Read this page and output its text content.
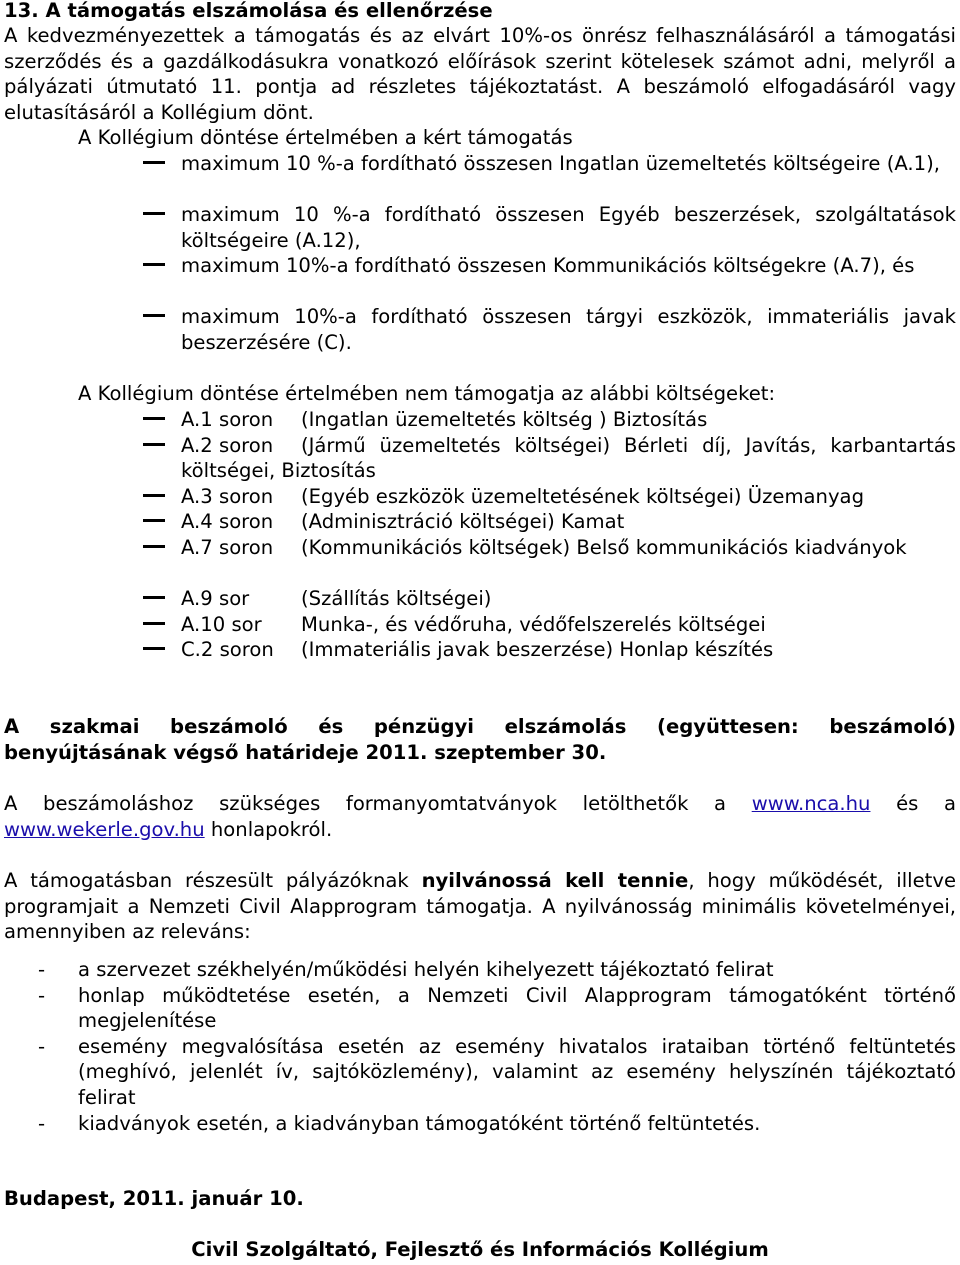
13. A támogatás elszámolása és ellenőrzése

A kedvezményezettek a támogatás és az elvárt 10%-os önrész felhasználásáról a támogatási szerződés és a gazdálkodásukra vonatkozó előírások szerint kötelesek számot adni, melyről a pályázati útmutató 11. pontja ad részletes tájékoztatást. A beszámoló elfogadásáról vagy elutasításáról a Kollégium dönt.

A Kollégium döntése értelmében a kért támogatás

maximum 10 %-a fordítható összesen Ingatlan üzemeltetés költségeire (A.1),
maximum 10 %-a fordítható összesen Egyéb beszerzések, szolgáltatások költségeire (A.12),
maximum 10%-a fordítható összesen Kommunikációs költségekre (A.7), és
maximum 10%-a fordítható összesen tárgyi eszközök, immateriális javak beszerzésére (C).

A Kollégium döntése értelmében nem támogatja az alábbi költségeket:

A.1 soron (Ingatlan üzemeltetés költség ) Biztosítás
A.2 soron (Jármű üzemeltetés költségei) Bérleti díj, Javítás, karbantartás költségei, Biztosítás
A.3 soron (Egyéb eszközök üzemeltetésének költségei) Üzemanyag
A.4 soron (Adminisztráció költségei) Kamat
A.7 soron (Kommunikációs költségek) Belső kommunikációs kiadványok
A.9 sor	(Szállítás költségei)
A.10 sor Munka-, és védőruha, védőfelszerelés költségei
C.2 soron (Immateriális javak beszerzése) Honlap készítés

A szakmai beszámoló és pénzügyi elszámolás (együttesen: beszámoló) benyújtásának végső határideje 2011. szeptember 30.

A beszámoláshoz szükséges formanyomtatványok letölthetők a www.nca.hu és a www.wekerle.gov.hu honlapokról.

A támogatásban részesült pályázóknak nyilvánossá kell tennie, hogy működését, illetve programjait a Nemzeti Civil Alapprogram támogatja. A nyilvánosság minimális követelményei, amennyiben az releváns:

-	a szervezet székhelyén/működési helyén kihelyezett tájékoztató felirat
-	honlap működtetése esetén, a Nemzeti Civil Alapprogram támogatóként történő megjelenítése
-	esemény megvalósítása esetén az esemény hivatalos irataiban történő feltüntetés (meghívó, jelenlét ív, sajtóközlemény), valamint az esemény helyszínén tájékoztató felirat
-	kiadványok esetén, a kiadványban támogatóként történő feltüntetés.

Budapest, 2011. január 10.

Civil Szolgáltató, Fejlesztő és Információs Kollégium
